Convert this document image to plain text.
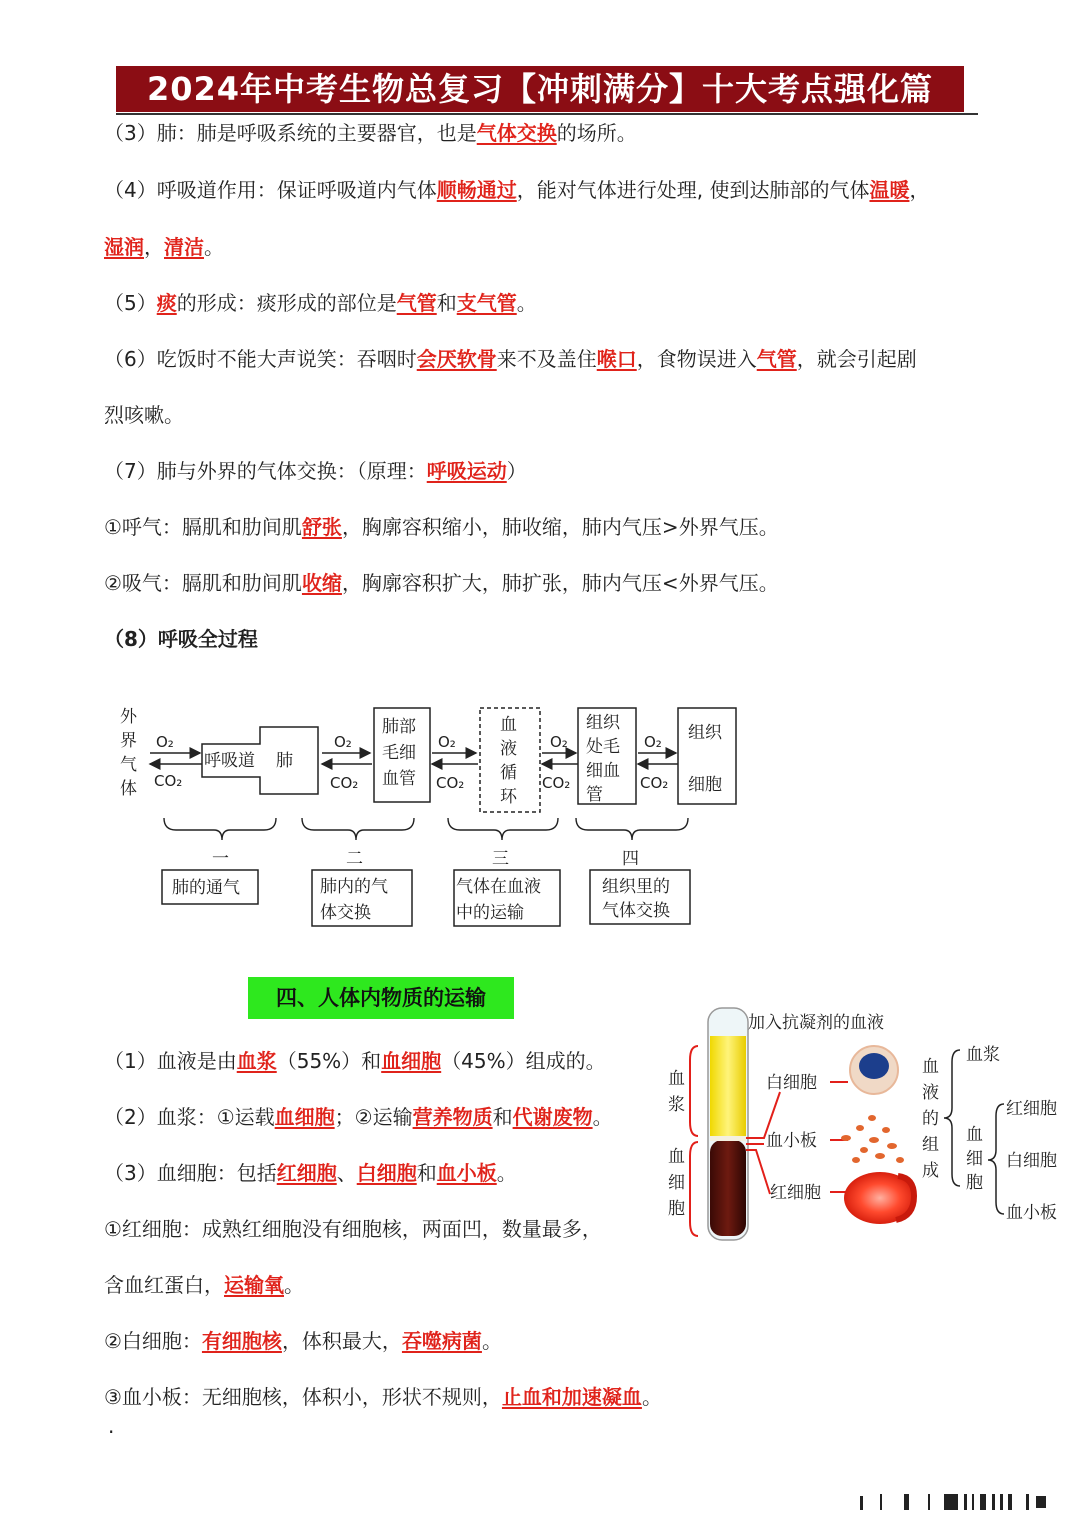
2024年中考生物总复习【冲刺满分】十大考点强化篇
（3）肺：肺是呼吸系统的主要器官，也是气体交换的场所。
（4）呼吸道作用：保证呼吸道内气体顺畅通过，能对气体进行处理, 使到达肺部的气体温暖，
湿润，清洁。
（5）痰的形成：痰形成的部位是气管和支气管。
（6）吃饭时不能大声说笑：吞咽时会厌软骨来不及盖住喉口，食物误进入气管，就会引起剧
烈咳嗽。
（7）肺与外界的气体交换：（原理：呼吸运动）
①呼气：膈肌和肋间肌舒张，胸廓容积缩小，肺收缩，肺内气压>外界气压。
②吸气：膈肌和肋间肌收缩，胸廓容积扩大，肺扩张，肺内气压<外界气压。
（8）呼吸全过程
外
界
气
体
O₂
CO₂
呼吸道 肺
O₂
CO₂
肺部
毛细
血管
O₂
CO₂
血
液
循
环
O₂
CO₂
组织
处毛
细血
管
O₂
CO₂
组织
细胞
一	二	三	四
肺的通气	肺内的气
体交换
气体在血液
中的运输
组织里的
气体交换
四、人体内物质的运输
（1）血液是由血浆（55%）和血细胞（45%）组成的。
（2）血浆：①运载血细胞；②运输营养物质和代谢废物。
（3）血细胞：包括红细胞、白细胞和血小板。
①红细胞：成熟红细胞没有细胞核，两面凹，数量最多，
含血红蛋白，运输氧。
②白细胞：有细胞核，体积最大，吞噬病菌。
③血小板：无细胞核，体积小，形状不规则，止血和加速凝血。
·
加入抗凝剂的血液
血
浆
血
细
胞
白细胞
血小板
红细胞
血
液
的
组
成
血浆
血
细
胞
红细胞
白细胞
血小板
